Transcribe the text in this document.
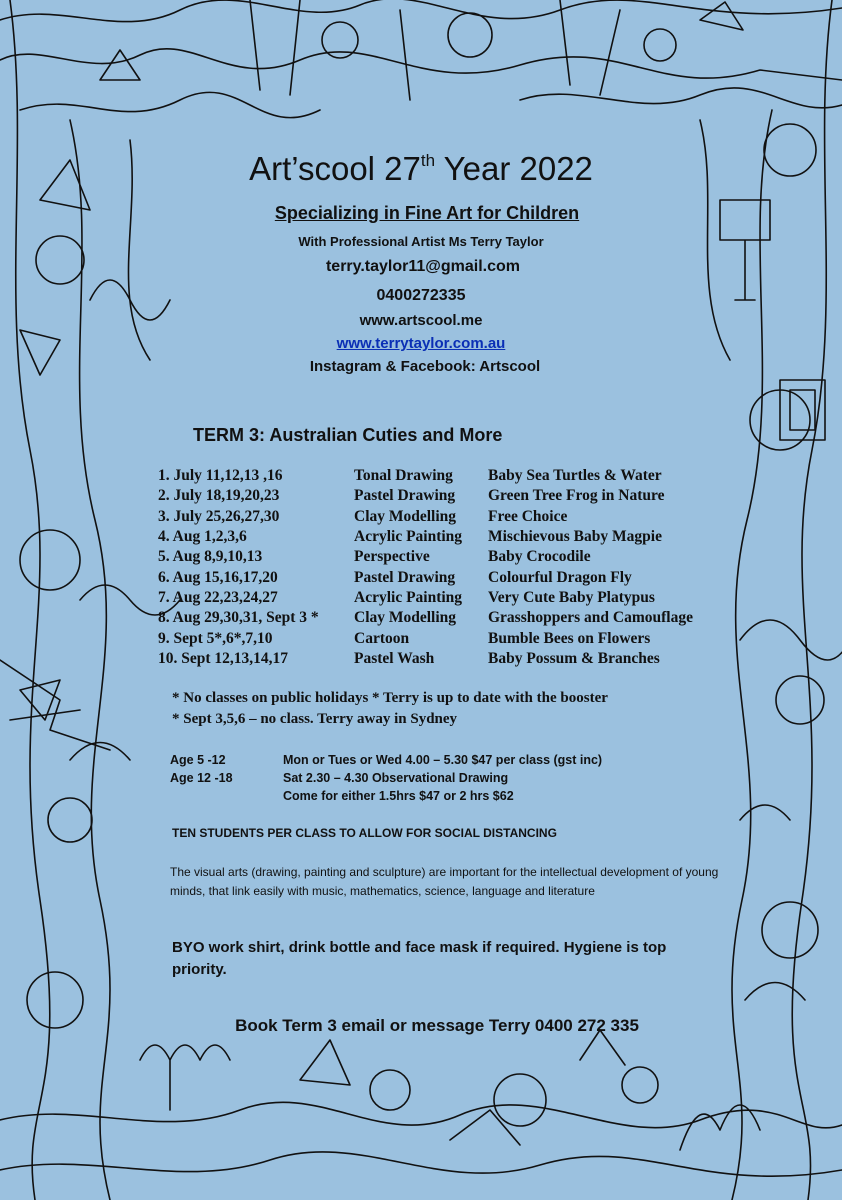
Art’scool 27th Year 2022
Specializing in Fine Art for Children
With Professional Artist Ms Terry Taylor
terry.taylor11@gmail.com
0400272335
www.artscool.me
www.terrytaylor.com.au
Instagram & Facebook: Artscool
TERM 3: Australian Cuties and More
1. July 11,12,13 ,16	Tonal Drawing	Baby Sea Turtles & Water
2. July 18,19,20,23	Pastel Drawing	Green Tree Frog in Nature
3. July 25,26,27,30	Clay Modelling	Free Choice
4. Aug 1,2,3,6	Acrylic Painting	Mischievous Baby Magpie
5. Aug 8,9,10,13	Perspective	Baby Crocodile
6. Aug 15,16,17,20	Pastel Drawing	Colourful Dragon Fly
7. Aug 22,23,24,27	Acrylic Painting	Very Cute Baby Platypus
8. Aug 29,30,31, Sept 3 *	Clay Modelling	Grasshoppers and Camouflage
9. Sept 5*,6*,7,10	Cartoon	Bumble Bees on Flowers
10. Sept 12,13,14,17	Pastel Wash	Baby Possum & Branches
* No classes on public holidays * Terry is up to date with the booster
* Sept 3,5,6 – no class. Terry away in Sydney
Age 5 -12	Mon or Tues or Wed 4.00 – 5.30 $47 per class (gst inc)
Age 12 -18	Sat 2.30 – 4.30 Observational Drawing
Come for either 1.5hrs $47 or 2 hrs $62
TEN STUDENTS PER CLASS TO ALLOW FOR SOCIAL DISTANCING
The visual arts (drawing, painting and sculpture) are important for the intellectual development of young minds, that link easily with music, mathematics, science, language and literature
BYO work shirt, drink bottle and face mask if required. Hygiene is top priority.
Book Term 3 email or message Terry 0400 272 335
